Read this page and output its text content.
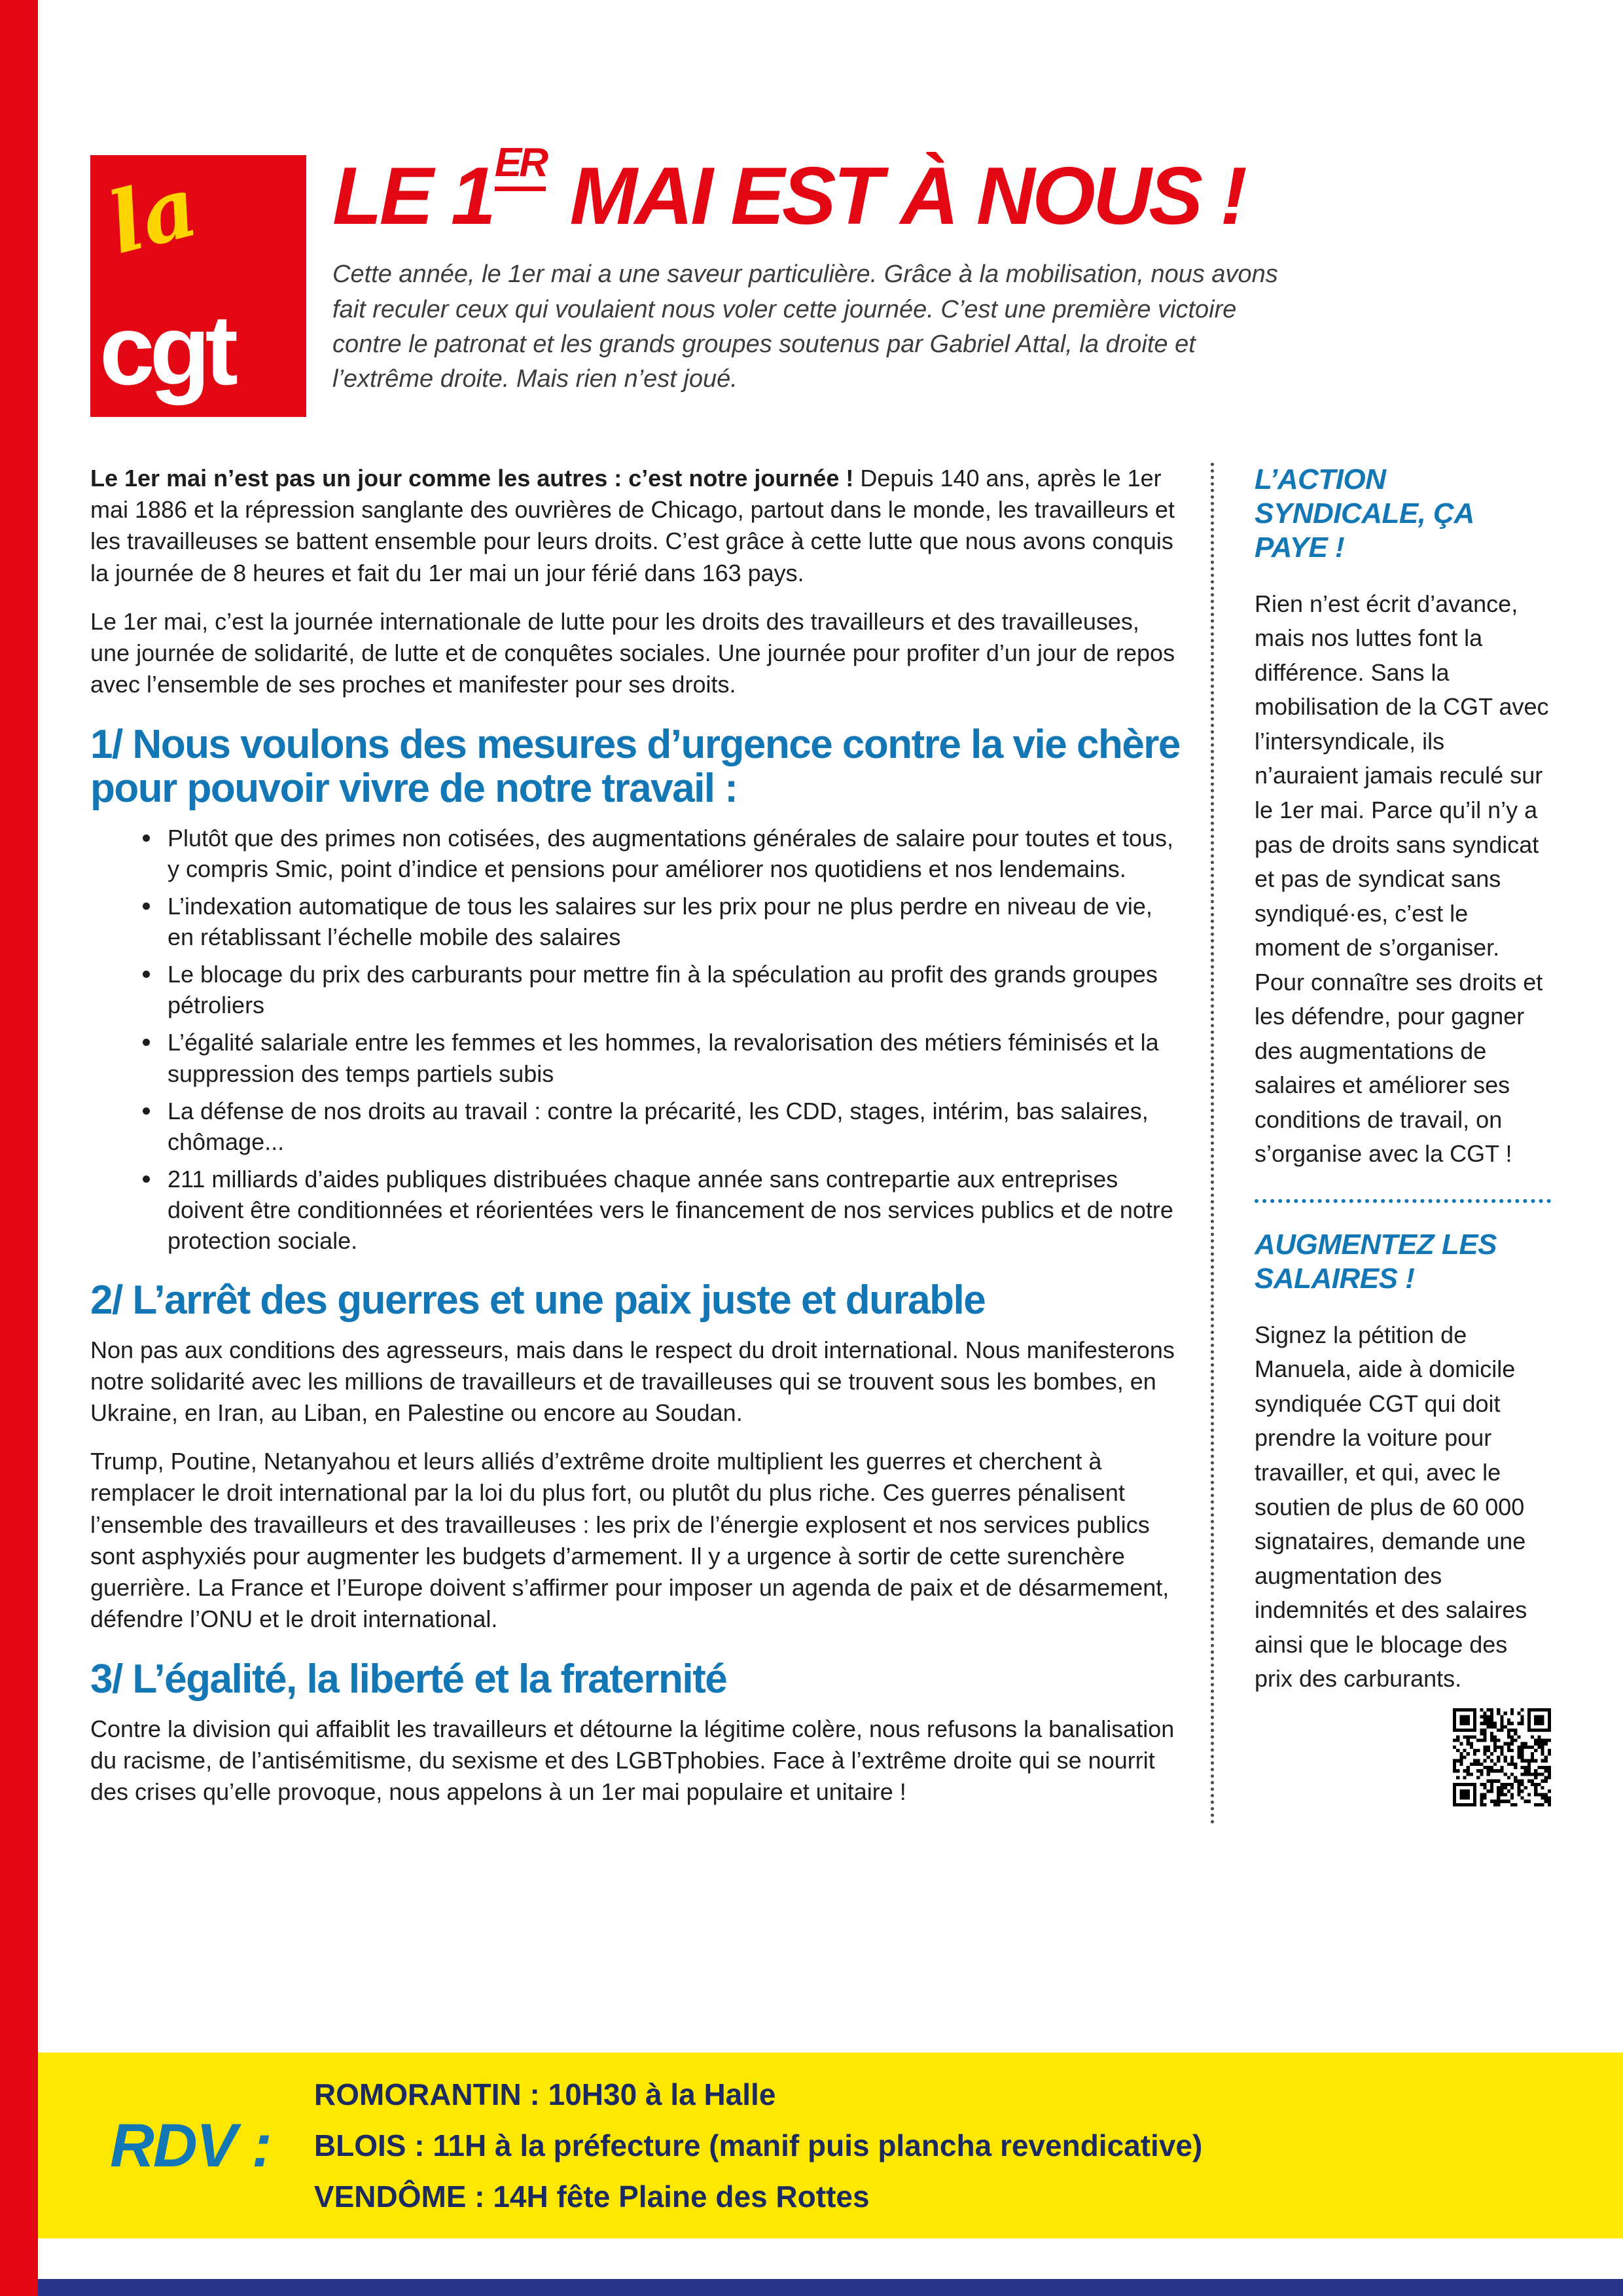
la
cgt
LE 1ER MAI EST À NOUS !

Cette année, le 1er mai a une saveur particulière. Grâce à la mobilisation, nous avons fait reculer ceux qui voulaient nous voler cette journée. C’est une première victoire contre le patronat et les grands groupes soutenus par Gabriel Attal, la droite et l’extrême droite. Mais rien n’est joué.

Le 1er mai n’est pas un jour comme les autres : c’est notre journée ! Depuis 140 ans, après le 1er mai 1886 et la répression sanglante des ouvrières de Chicago, partout dans le monde, les travailleurs et les travailleuses se battent ensemble pour leurs droits. C’est grâce à cette lutte que nous avons conquis la journée de 8 heures et fait du 1er mai un jour férié dans 163 pays.

Le 1er mai, c’est la journée internationale de lutte pour les droits des travailleurs et des travailleuses, une journée de solidarité, de lutte et de conquêtes sociales. Une journée pour profiter d’un jour de repos avec l’ensemble de ses proches et manifester pour ses droits.

1/ Nous voulons des mesures d’urgence contre la vie chère pour pouvoir vivre de notre travail :
Plutôt que des primes non cotisées, des augmentations générales de salaire pour toutes et tous, y compris Smic, point d’indice et pensions pour améliorer nos quotidiens et nos lendemains.
L’indexation automatique de tous les salaires sur les prix pour ne plus perdre en niveau de vie, en rétablissant l’échelle mobile des salaires
Le blocage du prix des carburants pour mettre fin à la spéculation au profit des grands groupes pétroliers
L’égalité salariale entre les femmes et les hommes, la revalorisation des métiers féminisés et la suppression des temps partiels subis
La défense de nos droits au travail : contre la précarité, les CDD, stages, intérim, bas salaires, chômage...
211 milliards d’aides publiques distribuées chaque année sans contrepartie aux entreprises doivent être conditionnées et réorientées vers le financement de nos services publics et de notre protection sociale.
2/ L’arrêt des guerres et une paix juste et durable

Non pas aux conditions des agresseurs, mais dans le respect du droit international. Nous manifesterons notre solidarité avec les millions de travailleurs et de travailleuses qui se trouvent sous les bombes, en Ukraine, en Iran, au Liban, en Palestine ou encore au Soudan.

Trump, Poutine, Netanyahou et leurs alliés d’extrême droite multiplient les guerres et cherchent à remplacer le droit international par la loi du plus fort, ou plutôt du plus riche. Ces guerres pénalisent l’ensemble des travailleurs et des travailleuses : les prix de l’énergie explosent et nos services publics sont asphyxiés pour augmenter les budgets d’armement. Il y a urgence à sortir de cette surenchère guerrière. La France et l’Europe doivent s’affirmer pour imposer un agenda de paix et de désarmement, défendre l’ONU et le droit international.

3/ L’égalité, la liberté et la fraternité

Contre la division qui affaiblit les travailleurs et détourne la légitime colère, nous refusons la banalisation du racisme, de l’antisémitisme, du sexisme et des LGBTphobies. Face à l’extrême droite qui se nourrit des crises qu’elle provoque, nous appelons à un 1er mai populaire et unitaire !

L’ACTION SYNDICALE, ÇA PAYE !

Rien n’est écrit d’avance, mais nos luttes font la différence. Sans la mobilisation de la CGT avec l’intersyndicale, ils n’auraient jamais reculé sur le 1er mai. Parce qu’il n’y a pas de droits sans syndicat et pas de syndicat sans syndiqué·es, c’est le moment de s’organiser. Pour connaître ses droits et les défendre, pour gagner des augmentations de salaires et améliorer ses conditions de travail, on s’organise avec la CGT !

AUGMENTEZ LES SALAIRES !

Signez la pétition de Manuela, aide à domicile syndiquée CGT qui doit prendre la voiture pour travailler, et qui, avec le soutien de plus de 60 000 signataires, demande une augmentation des indemnités et des salaires ainsi que le blocage des prix des carburants.

RDV :
ROMORANTIN : 10H30 à la Halle
BLOIS : 11H à la préfecture (manif puis plancha revendicative)
VENDÔME : 14H fête Plaine des Rottes
